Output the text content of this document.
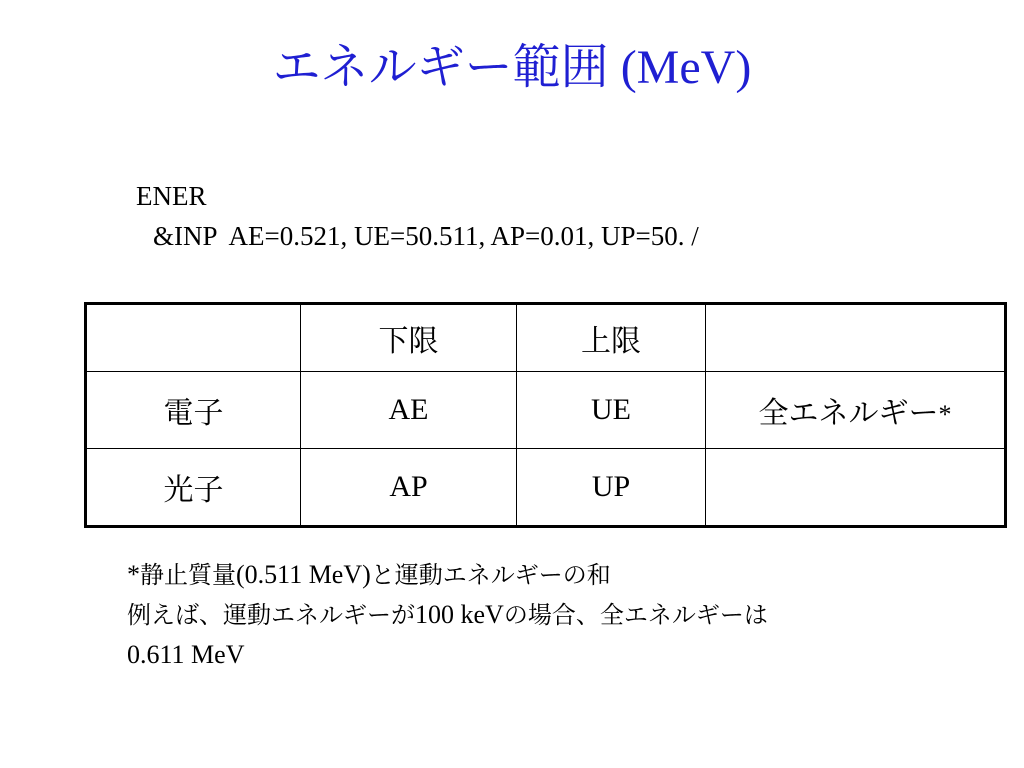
エネルギー範囲 (MeV)
ENER
&INP  AE=0.521, UE=50.511, AP=0.01, UP=50. /
	下限	上限	
電子	AE	UE	全エネルギー*
光子	AP	UP	
*静止質量(0.511 MeV)と運動エネルギーの和
例えば、運動エネルギーが100 keVの場合、全エネルギーは
0.611 MeV
